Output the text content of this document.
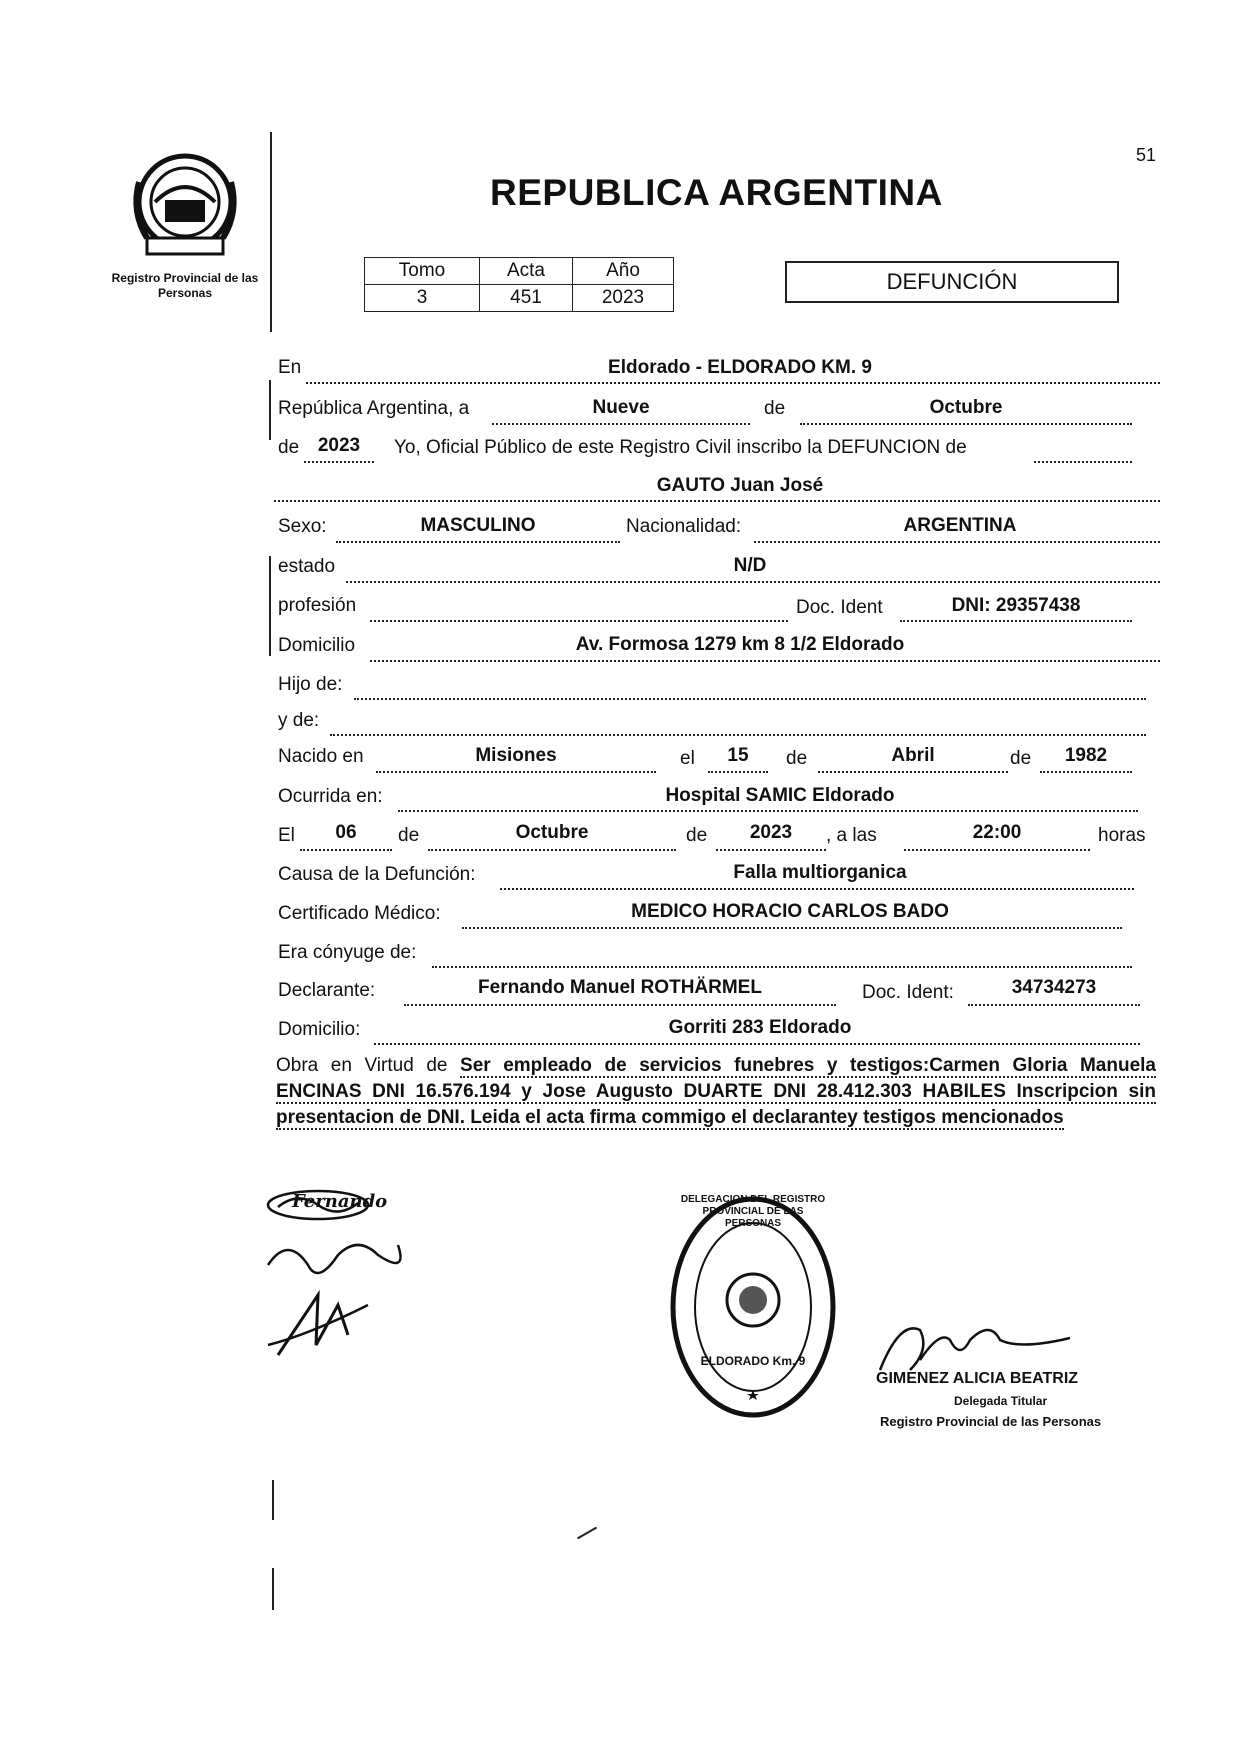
Registro Provincial de las Personas
51
REPUBLICA ARGENTINA
Tomo	Acta	Año
3	451	2023
DEFUNCIÓN
En	Eldorado - ELDORADO KM. 9
República Argentina, a	Nueve	de	Octubre
de 2023	Yo, Oficial Público de este Registro Civil inscribo la DEFUNCION de
GAUTO Juan José
Sexo:	MASCULINO	Nacionalidad:	ARGENTINA
estado	N/D
profesión	Doc. Ident	DNI: 29357438
Domicilio	Av. Formosa 1279 km 8 1/2 Eldorado
Hijo de:
y de:
Nacido en	Misiones	el	15	de	Abril	de	1982
Ocurrida en:	Hospital SAMIC Eldorado
El	06	de	Octubre	de	2023	, a las	22:00	horas
Causa de la Defunción:	Falla multiorganica
Certificado Médico:	MEDICO HORACIO CARLOS BADO
Era cónyuge de:
Declarante:	Fernando Manuel ROTHÄRMEL	Doc. Ident:	34734273
Domicilio:	Gorriti 283 Eldorado
Obra en Virtud de Ser empleado de servicios funebres y testigos:Carmen Gloria Manuela ENCINAS DNI 16.576.194 y Jose Augusto DUARTE DNI 28.412.303 HABILES Inscripcion sin presentacion de DNI. Leida el acta firma commigo el declarantey testigos mencionados
Fernando	DELEGACION DEL REGISTRO PROVINCIAL DE LAS PERSONAS
ELDORADO Km. 9
GIMENEZ ALICIA BEATRIZ
Delegada Titular
Registro Provincial de las Personas
